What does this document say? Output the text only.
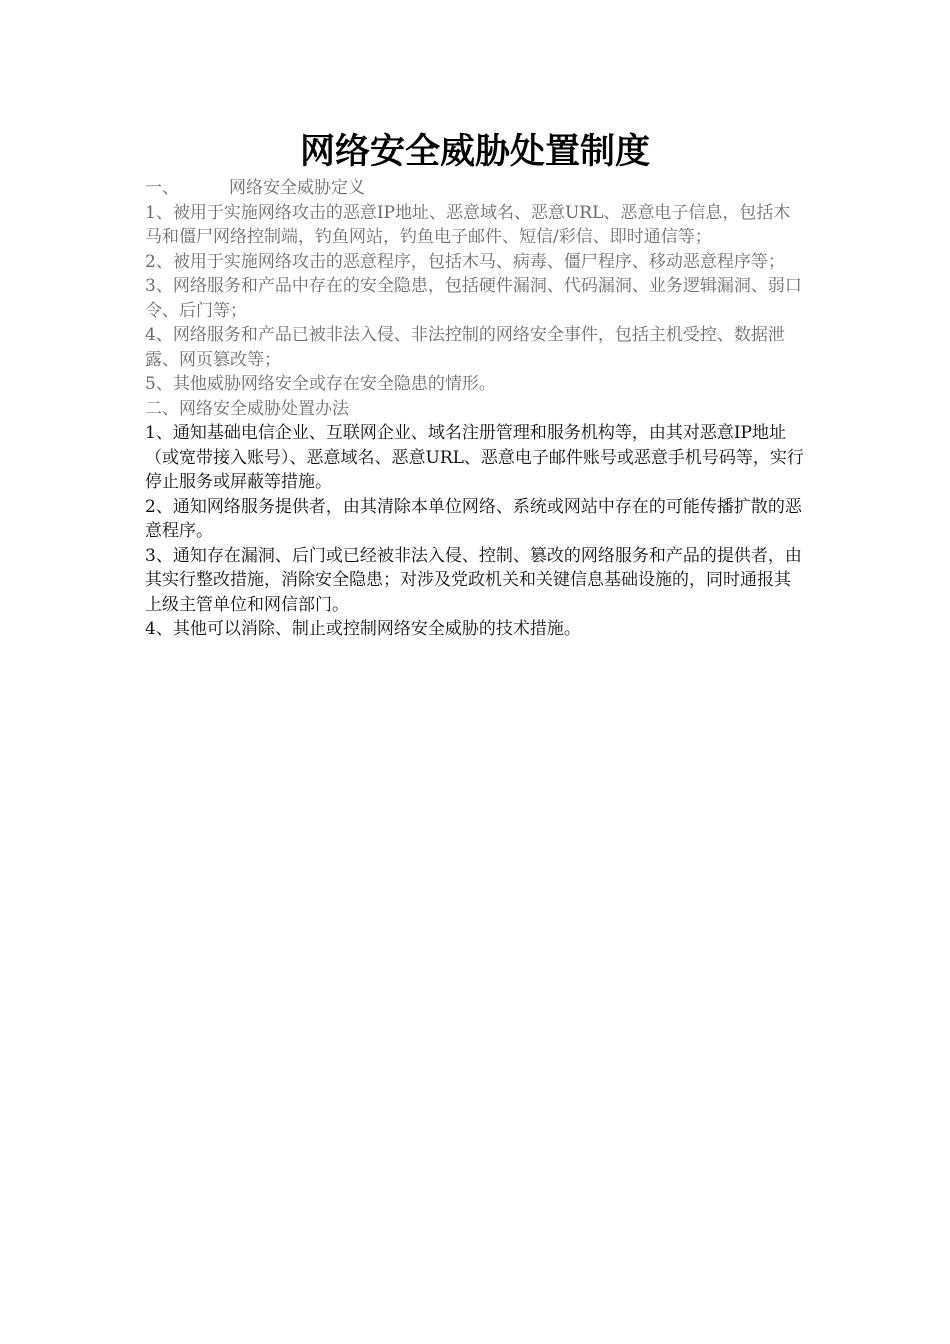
网络安全威胁处置制度

一、	网络安全威胁定义

1、被用于实施网络攻击的恶意IP地址、恶意域名、恶意URL、恶意电子信息，包括木马和僵尸网络控制端，钓鱼网站，钓鱼电子邮件、短信/彩信、即时通信等；

2、被用于实施网络攻击的恶意程序，包括木马、病毒、僵尸程序、移动恶意程序等；

3、网络服务和产品中存在的安全隐患，包括硬件漏洞、代码漏洞、业务逻辑漏洞、弱口令、后门等；

4、网络服务和产品已被非法入侵、非法控制的网络安全事件，包括主机受控、数据泄露、网页篡改等；

5、其他威胁网络安全或存在安全隐患的情形。

二、网络安全威胁处置办法

1、通知基础电信企业、互联网企业、域名注册管理和服务机构等，由其对恶意IP地址（或宽带接入账号）、恶意域名、恶意URL、恶意电子邮件账号或恶意手机号码等，实行停止服务或屏蔽等措施。

2、通知网络服务提供者，由其清除本单位网络、系统或网站中存在的可能传播扩散的恶意程序。

3、通知存在漏洞、后门或已经被非法入侵、控制、篡改的网络服务和产品的提供者，由其实行整改措施，消除安全隐患；对涉及党政机关和关键信息基础设施的，同时通报其上级主管单位和网信部门。

4、其他可以消除、制止或控制网络安全威胁的技术措施。
